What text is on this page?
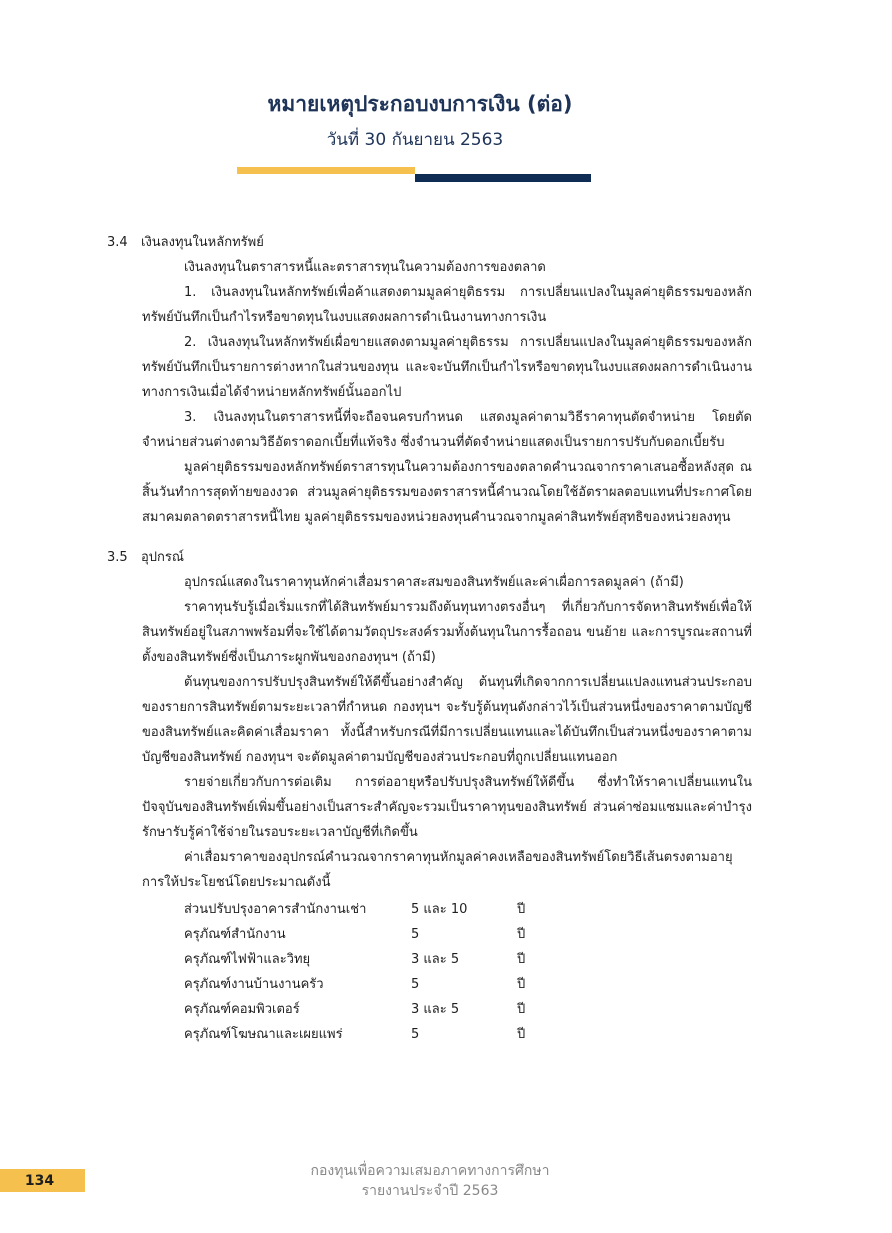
หมายเหตุประกอบงบการเงิน (ต่อ)
วันที่ 30 กันยายน 2563
3.4 เงินลงทุนในหลักทรัพย์

เงินลงทุนในตราสารหนี้และตราสารทุนในความต้องการของตลาด

1. เงินลงทุนในหลักทรัพย์เพื่อค้าแสดงตามมูลค่ายุติธรรม การเปลี่ยนแปลงในมูลค่ายุติธรรมของหลักทรัพย์บันทึกเป็นกำไรหรือขาดทุนในงบแสดงผลการดำเนินงานทางการเงิน

2. เงินลงทุนในหลักทรัพย์เผื่อขายแสดงตามมูลค่ายุติธรรม การเปลี่ยนแปลงในมูลค่ายุติธรรมของหลักทรัพย์บันทึกเป็นรายการต่างหากในส่วนของทุน และจะบันทึกเป็นกำไรหรือขาดทุนในงบแสดงผลการดำเนินงานทางการเงินเมื่อได้จำหน่ายหลักทรัพย์นั้นออกไป

3. เงินลงทุนในตราสารหนี้ที่จะถือจนครบกำหนด แสดงมูลค่าตามวิธีราคาทุนตัดจำหน่าย โดยตัดจำหน่ายส่วนต่างตามวิธีอัตราดอกเบี้ยที่แท้จริง ซึ่งจำนวนที่ตัดจำหน่ายแสดงเป็นรายการปรับกับดอกเบี้ยรับ

มูลค่ายุติธรรมของหลักทรัพย์ตราสารทุนในความต้องการของตลาดคำนวณจากราคาเสนอซื้อหลังสุด ณ สิ้นวันทำการสุดท้ายของงวด ส่วนมูลค่ายุติธรรมของตราสารหนี้คำนวณโดยใช้อัตราผลตอบแทนที่ประกาศโดยสมาคมตลาดตราสารหนี้ไทย มูลค่ายุติธรรมของหน่วยลงทุนคำนวณจากมูลค่าสินทรัพย์สุทธิของหน่วยลงทุน

3.5 อุปกรณ์

อุปกรณ์แสดงในราคาทุนหักค่าเสื่อมราคาสะสมของสินทรัพย์และค่าเผื่อการลดมูลค่า (ถ้ามี)

ราคาทุนรับรู้เมื่อเริ่มแรกที่ได้สินทรัพย์มารวมถึงต้นทุนทางตรงอื่นๆ ที่เกี่ยวกับการจัดหาสินทรัพย์เพื่อให้สินทรัพย์อยู่ในสภาพพร้อมที่จะใช้ได้ตามวัตถุประสงค์รวมทั้งต้นทุนในการรื้อถอน ขนย้าย และการบูรณะสถานที่ตั้งของสินทรัพย์ซึ่งเป็นภาระผูกพันของกองทุนฯ (ถ้ามี)

ต้นทุนของการปรับปรุงสินทรัพย์ให้ดีขึ้นอย่างสำคัญ ต้นทุนที่เกิดจากการเปลี่ยนแปลงแทนส่วนประกอบของรายการสินทรัพย์ตามระยะเวลาที่กำหนด กองทุนฯ จะรับรู้ต้นทุนดังกล่าวไว้เป็นส่วนหนึ่งของราคาตามบัญชีของสินทรัพย์และคิดค่าเสื่อมราคา ทั้งนี้สำหรับกรณีที่มีการเปลี่ยนแทนและได้บันทึกเป็นส่วนหนึ่งของราคาตามบัญชีของสินทรัพย์ กองทุนฯ จะตัดมูลค่าตามบัญชีของส่วนประกอบที่ถูกเปลี่ยนแทนออก

รายจ่ายเกี่ยวกับการต่อเติม การต่ออายุหรือปรับปรุงสินทรัพย์ให้ดีขึ้น ซึ่งทำให้ราคาเปลี่ยนแทนในปัจจุบันของสินทรัพย์เพิ่มขึ้นอย่างเป็นสาระสำคัญจะรวมเป็นราคาทุนของสินทรัพย์ ส่วนค่าซ่อมแซมและค่าบำรุงรักษารับรู้ค่าใช้จ่ายในรอบระยะเวลาบัญชีที่เกิดขึ้น

ค่าเสื่อมราคาของอุปกรณ์คำนวณจากราคาทุนหักมูลค่าคงเหลือของสินทรัพย์โดยวิธีเส้นตรงตามอายุการให้ประโยชน์โดยประมาณดังนี้

ส่วนปรับปรุงอาคารสำนักงานเช่า	5 และ 10	ปี
ครุภัณฑ์สำนักงาน	5	ปี
ครุภัณฑ์ไฟฟ้าและวิทยุ	3 และ 5	ปี
ครุภัณฑ์งานบ้านงานครัว	5	ปี
ครุภัณฑ์คอมพิวเตอร์	3 และ 5	ปี
ครุภัณฑ์โฆษณาและเผยแพร่	5	ปี
134
กองทุนเพื่อความเสมอภาคทางการศึกษา
รายงานประจำปี 2563
